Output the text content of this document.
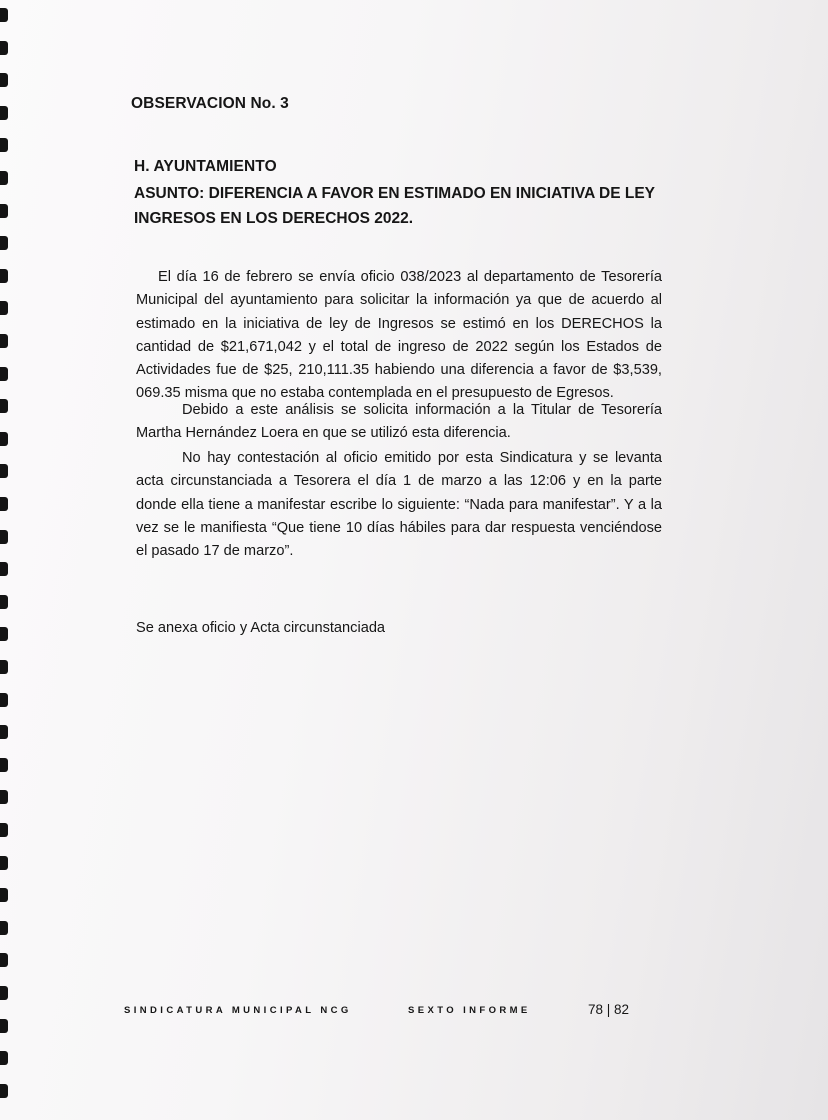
OBSERVACION No. 3

H. AYUNTAMIENTO

ASUNTO: DIFERENCIA A FAVOR EN ESTIMADO EN INICIATIVA DE LEY INGRESOS EN LOS DERECHOS 2022.

El día 16 de febrero se envía oficio 038/2023 al departamento de Tesorería Municipal del ayuntamiento para solicitar la información ya que de acuerdo al estimado en la iniciativa de ley de Ingresos se estimó en los DERECHOS la cantidad de $21,671,042 y el total de ingreso de 2022 según los Estados de Actividades fue de $25, 210,111.35 habiendo una diferencia a favor de $3,539, 069.35 misma que no estaba contemplada en el presupuesto de Egresos.

Debido a este análisis se solicita información a la Titular de Tesorería Martha Hernández Loera en que se utilizó esta diferencia.

No hay contestación al oficio emitido por esta Sindicatura y se levanta acta circunstanciada a Tesorera el día 1 de marzo a las 12:06 y en la parte donde ella tiene a manifestar escribe lo siguiente: “Nada para manifestar”. Y a la vez se le manifiesta “Que tiene 10 días hábiles para dar respuesta venciéndose el pasado 17 de marzo”.

Se anexa oficio y Acta circunstanciada

SINDICATURA MUNICIPAL NCG	SEXTO INFORME	78 | 82
